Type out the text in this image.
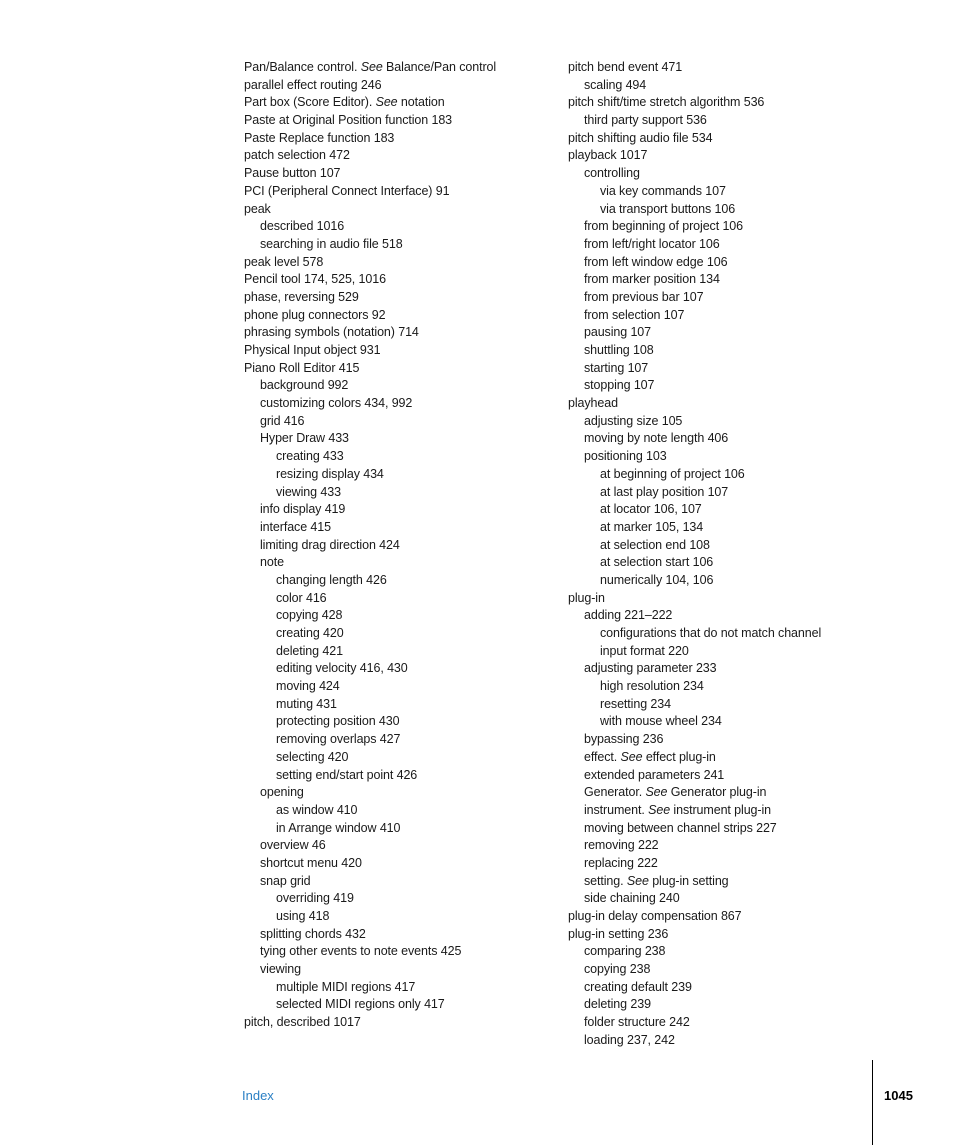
Pan/Balance control. See Balance/Pan control
parallel effect routing 246
Part box (Score Editor). See notation
Paste at Original Position function 183
Paste Replace function 183
patch selection 472
Pause button 107
PCI (Peripheral Connect Interface) 91
peak
described 1016
searching in audio file 518
peak level 578
Pencil tool 174, 525, 1016
phase, reversing 529
phone plug connectors 92
phrasing symbols (notation) 714
Physical Input object 931
Piano Roll Editor 415
background 992
customizing colors 434, 992
grid 416
Hyper Draw 433
creating 433
resizing display 434
viewing 433
info display 419
interface 415
limiting drag direction 424
note
changing length 426
color 416
copying 428
creating 420
deleting 421
editing velocity 416, 430
moving 424
muting 431
protecting position 430
removing overlaps 427
selecting 420
setting end/start point 426
opening
as window 410
in Arrange window 410
overview 46
shortcut menu 420
snap grid
overriding 419
using 418
splitting chords 432
tying other events to note events 425
viewing
multiple MIDI regions 417
selected MIDI regions only 417
pitch, described 1017
pitch bend event 471
scaling 494
pitch shift/time stretch algorithm 536
third party support 536
pitch shifting audio file 534
playback 1017
controlling
via key commands 107
via transport buttons 106
from beginning of project 106
from left/right locator 106
from left window edge 106
from marker position 134
from previous bar 107
from selection 107
pausing 107
shuttling 108
starting 107
stopping 107
playhead
adjusting size 105
moving by note length 406
positioning 103
at beginning of project 106
at last play position 107
at locator 106, 107
at marker 105, 134
at selection end 108
at selection start 106
numerically 104, 106
plug-in
adding 221–222
configurations that do not match channel
input format 220
adjusting parameter 233
high resolution 234
resetting 234
with mouse wheel 234
bypassing 236
effect. See effect plug-in
extended parameters 241
Generator. See Generator plug-in
instrument. See instrument plug-in
moving between channel strips 227
removing 222
replacing 222
setting. See plug-in setting
side chaining 240
plug-in delay compensation 867
plug-in setting 236
comparing 238
copying 238
creating default 239
deleting 239
folder structure 242
loading 237, 242
Index	1045
